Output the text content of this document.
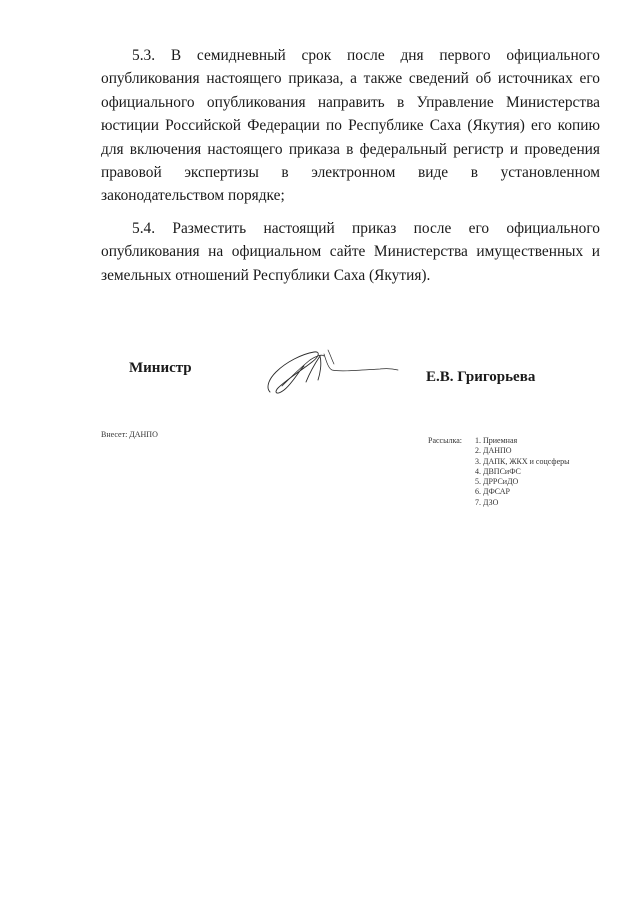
5.3. В семидневный срок после дня первого официального опубликования настоящего приказа, а также сведений об источниках его официального опубликования направить в Управление Министерства юстиции Российской Федерации по Республике Саха (Якутия) его копию для включения настоящего приказа в федеральный регистр и проведения правовой экспертизы в электронном виде в установленном законодательством порядке;

5.4. Разместить настоящий приказ после его официального опубликования на официальном сайте Министерства имущественных и земельных отношений Республики Саха (Якутия).

Министр
Е.В. Григорьева
Внесет: ДАНПО
Рассылка: 1. Приемная
2. ДАНПО
3. ДАПК, ЖКХ и соцсферы
4. ДВПСиФС
5. ДРРСиДО
6. ДФСАР
7. ДЗО
